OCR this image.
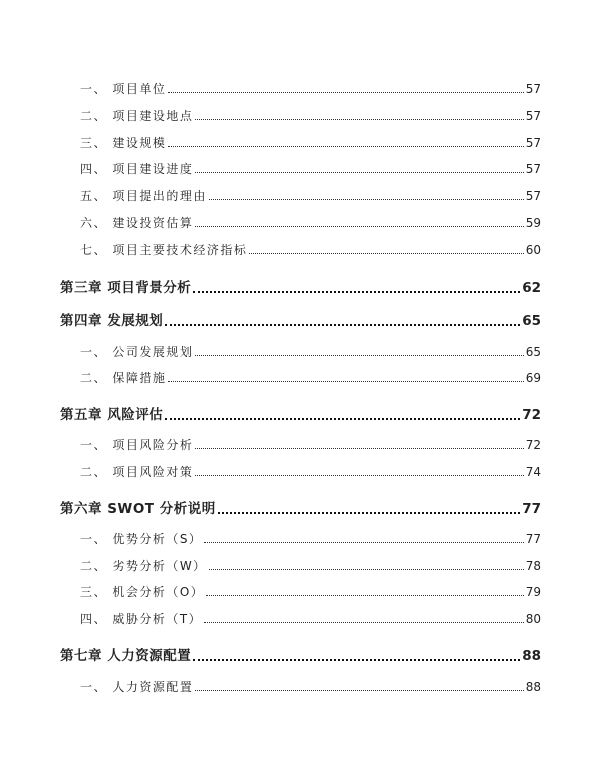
一、 项目单位	57
二、 项目建设地点	57
三、 建设规模	57
四、 项目建设进度	57
五、 项目提出的理由	57
六、 建设投资估算	59
七、 项目主要技术经济指标	60
第三章 项目背景分析	62
第四章 发展规划	65
一、 公司发展规划	65
二、 保障措施	69
第五章 风险评估	72
一、 项目风险分析	72
二、 项目风险对策	74
第六章 SWOT 分析说明	77
一、 优势分析（S）	77
二、 劣势分析（W）	78
三、 机会分析（O）	79
四、 威胁分析（T）	80
第七章 人力资源配置	88
一、 人力资源配置	88
